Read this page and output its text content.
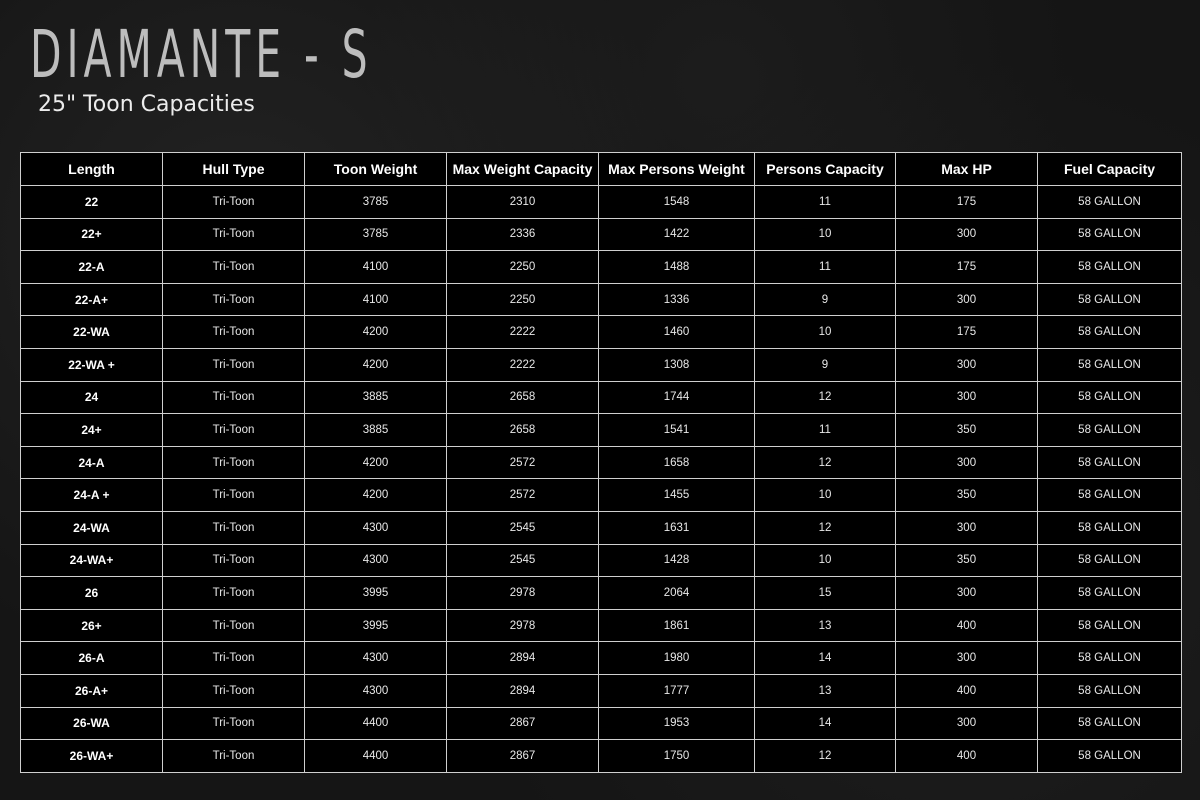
DIAMANTE - S
25" Toon Capacities
Length	Hull Type	Toon Weight	Max Weight Capacity	Max Persons Weight	Persons Capacity	Max HP	Fuel Capacity
22	Tri-Toon	3785	2310	1548	11	175	58 GALLON
22+	Tri-Toon	3785	2336	1422	10	300	58 GALLON
22-A	Tri-Toon	4100	2250	1488	11	175	58 GALLON
22-A+	Tri-Toon	4100	2250	1336	9	300	58 GALLON
22-WA	Tri-Toon	4200	2222	1460	10	175	58 GALLON
22-WA +	Tri-Toon	4200	2222	1308	9	300	58 GALLON
24	Tri-Toon	3885	2658	1744	12	300	58 GALLON
24+	Tri-Toon	3885	2658	1541	11	350	58 GALLON
24-A	Tri-Toon	4200	2572	1658	12	300	58 GALLON
24-A +	Tri-Toon	4200	2572	1455	10	350	58 GALLON
24-WA	Tri-Toon	4300	2545	1631	12	300	58 GALLON
24-WA+	Tri-Toon	4300	2545	1428	10	350	58 GALLON
26	Tri-Toon	3995	2978	2064	15	300	58 GALLON
26+	Tri-Toon	3995	2978	1861	13	400	58 GALLON
26-A	Tri-Toon	4300	2894	1980	14	300	58 GALLON
26-A+	Tri-Toon	4300	2894	1777	13	400	58 GALLON
26-WA	Tri-Toon	4400	2867	1953	14	300	58 GALLON
26-WA+	Tri-Toon	4400	2867	1750	12	400	58 GALLON
